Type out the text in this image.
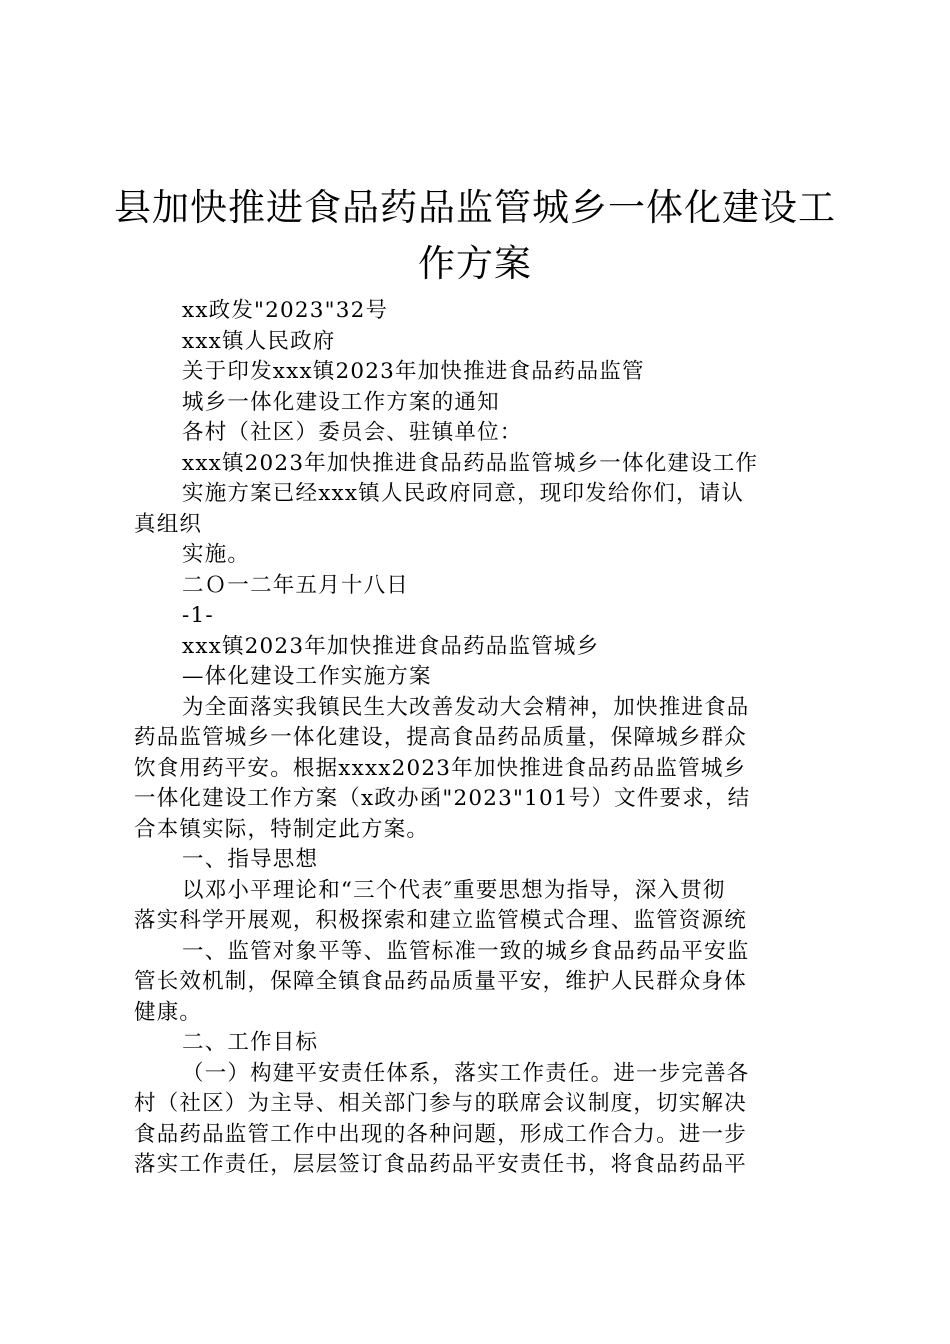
县加快推进食品药品监管城乡一体化建设工
作方案
xx政发"2023"32号
xxx镇人民政府
关于印发xxx镇2023年加快推进食品药品监管
城乡一体化建设工作方案的通知
各村（社区）委员会、驻镇单位：
xxx镇2023年加快推进食品药品监管城乡一体化建设工作
实施方案已经xxx镇人民政府同意，现印发给你们，请认
真组织
实施。
二Ｏ一二年五月十八日
-1-
xxx镇2023年加快推进食品药品监管城乡
—体化建设工作实施方案
为全面落实我镇民生大改善发动大会精神，加快推进食品
药品监管城乡一体化建设，提高食品药品质量，保障城乡群众
饮食用药平安。根据xxxx2023年加快推进食品药品监管城乡
一体化建设工作方案（x政办函"2023"101号）文件要求，结
合本镇实际，特制定此方案。
一、指导思想
以邓小平理论和“三个代表″重要思想为指导，深入贯彻
落实科学开展观，积极探索和建立监管模式合理、监管资源统
一、监管对象平等、监管标准一致的城乡食品药品平安监
管长效机制，保障全镇食品药品质量平安，维护人民群众身体
健康。
二、工作目标
（一）构建平安责任体系，落实工作责任。进一步完善各
村（社区）为主导、相关部门参与的联席会议制度，切实解决
食品药品监管工作中出现的各种问题，形成工作合力。进一步
落实工作责任，层层签订食品药品平安责任书，将食品药品平
